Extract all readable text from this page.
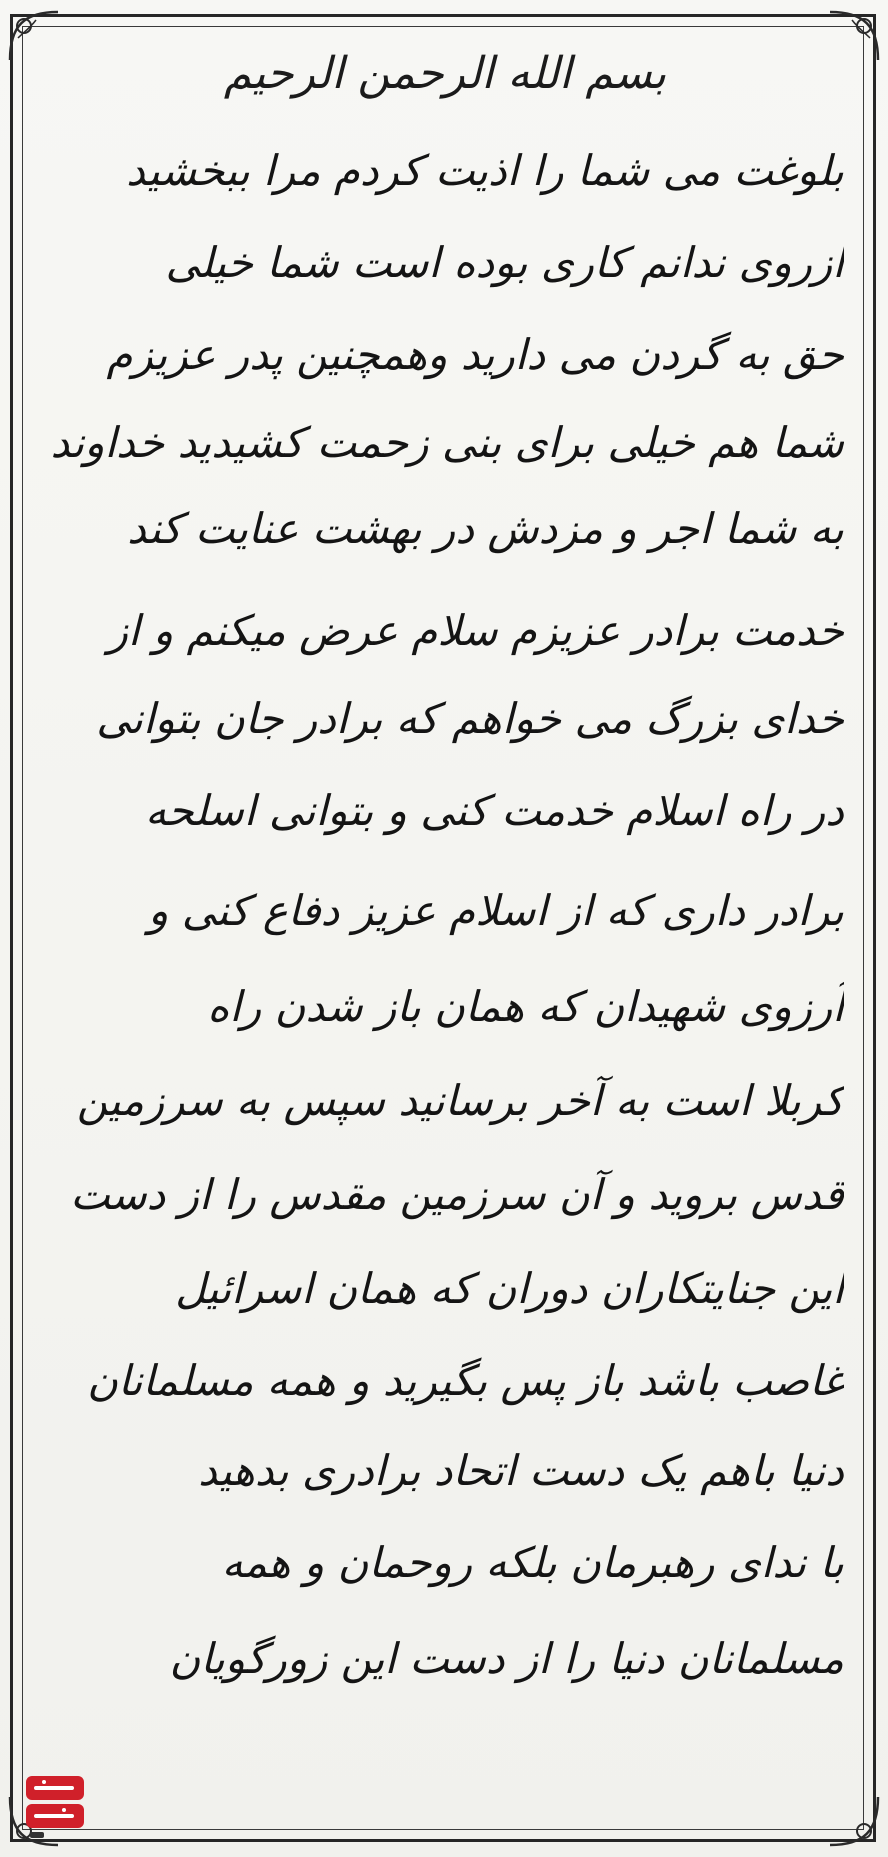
بسم الله الرحمن الرحیم
بلوغت می شما را اذیت کردم مرا ببخشید
ازروی ندانم کاری بوده است شما خیلی
حق به گردن می دارید وهمچنین پدر عزیزم
شما هم خیلی برای بنی زحمت کشیدید خداوند
به شما اجر و مزدش در بهشت عنایت کند
خدمت برادر عزیزم سلام عرض میکنم و از
خدای بزرگ می خواهم که برادر جان بتوانی
در راه اسلام خدمت کنی و بتوانی اسلحه
برادر داری که از اسلام عزیز دفاع کنی و
آرزوی شهیدان که همان باز شدن راه
کربلا است به آخر برسانید سپس به سرزمین
قدس بروید و آن سرزمین مقدس را از دست
این جنایتکاران دوران که همان اسرائیل
غاصب باشد باز پس بگیرید و همه مسلمانان
دنیا باهم یک دست اتحاد برادری بدهید
با ندای رهبرمان بلکه روحمان و همه
مسلمانان دنیا را از دست این زورگویان
